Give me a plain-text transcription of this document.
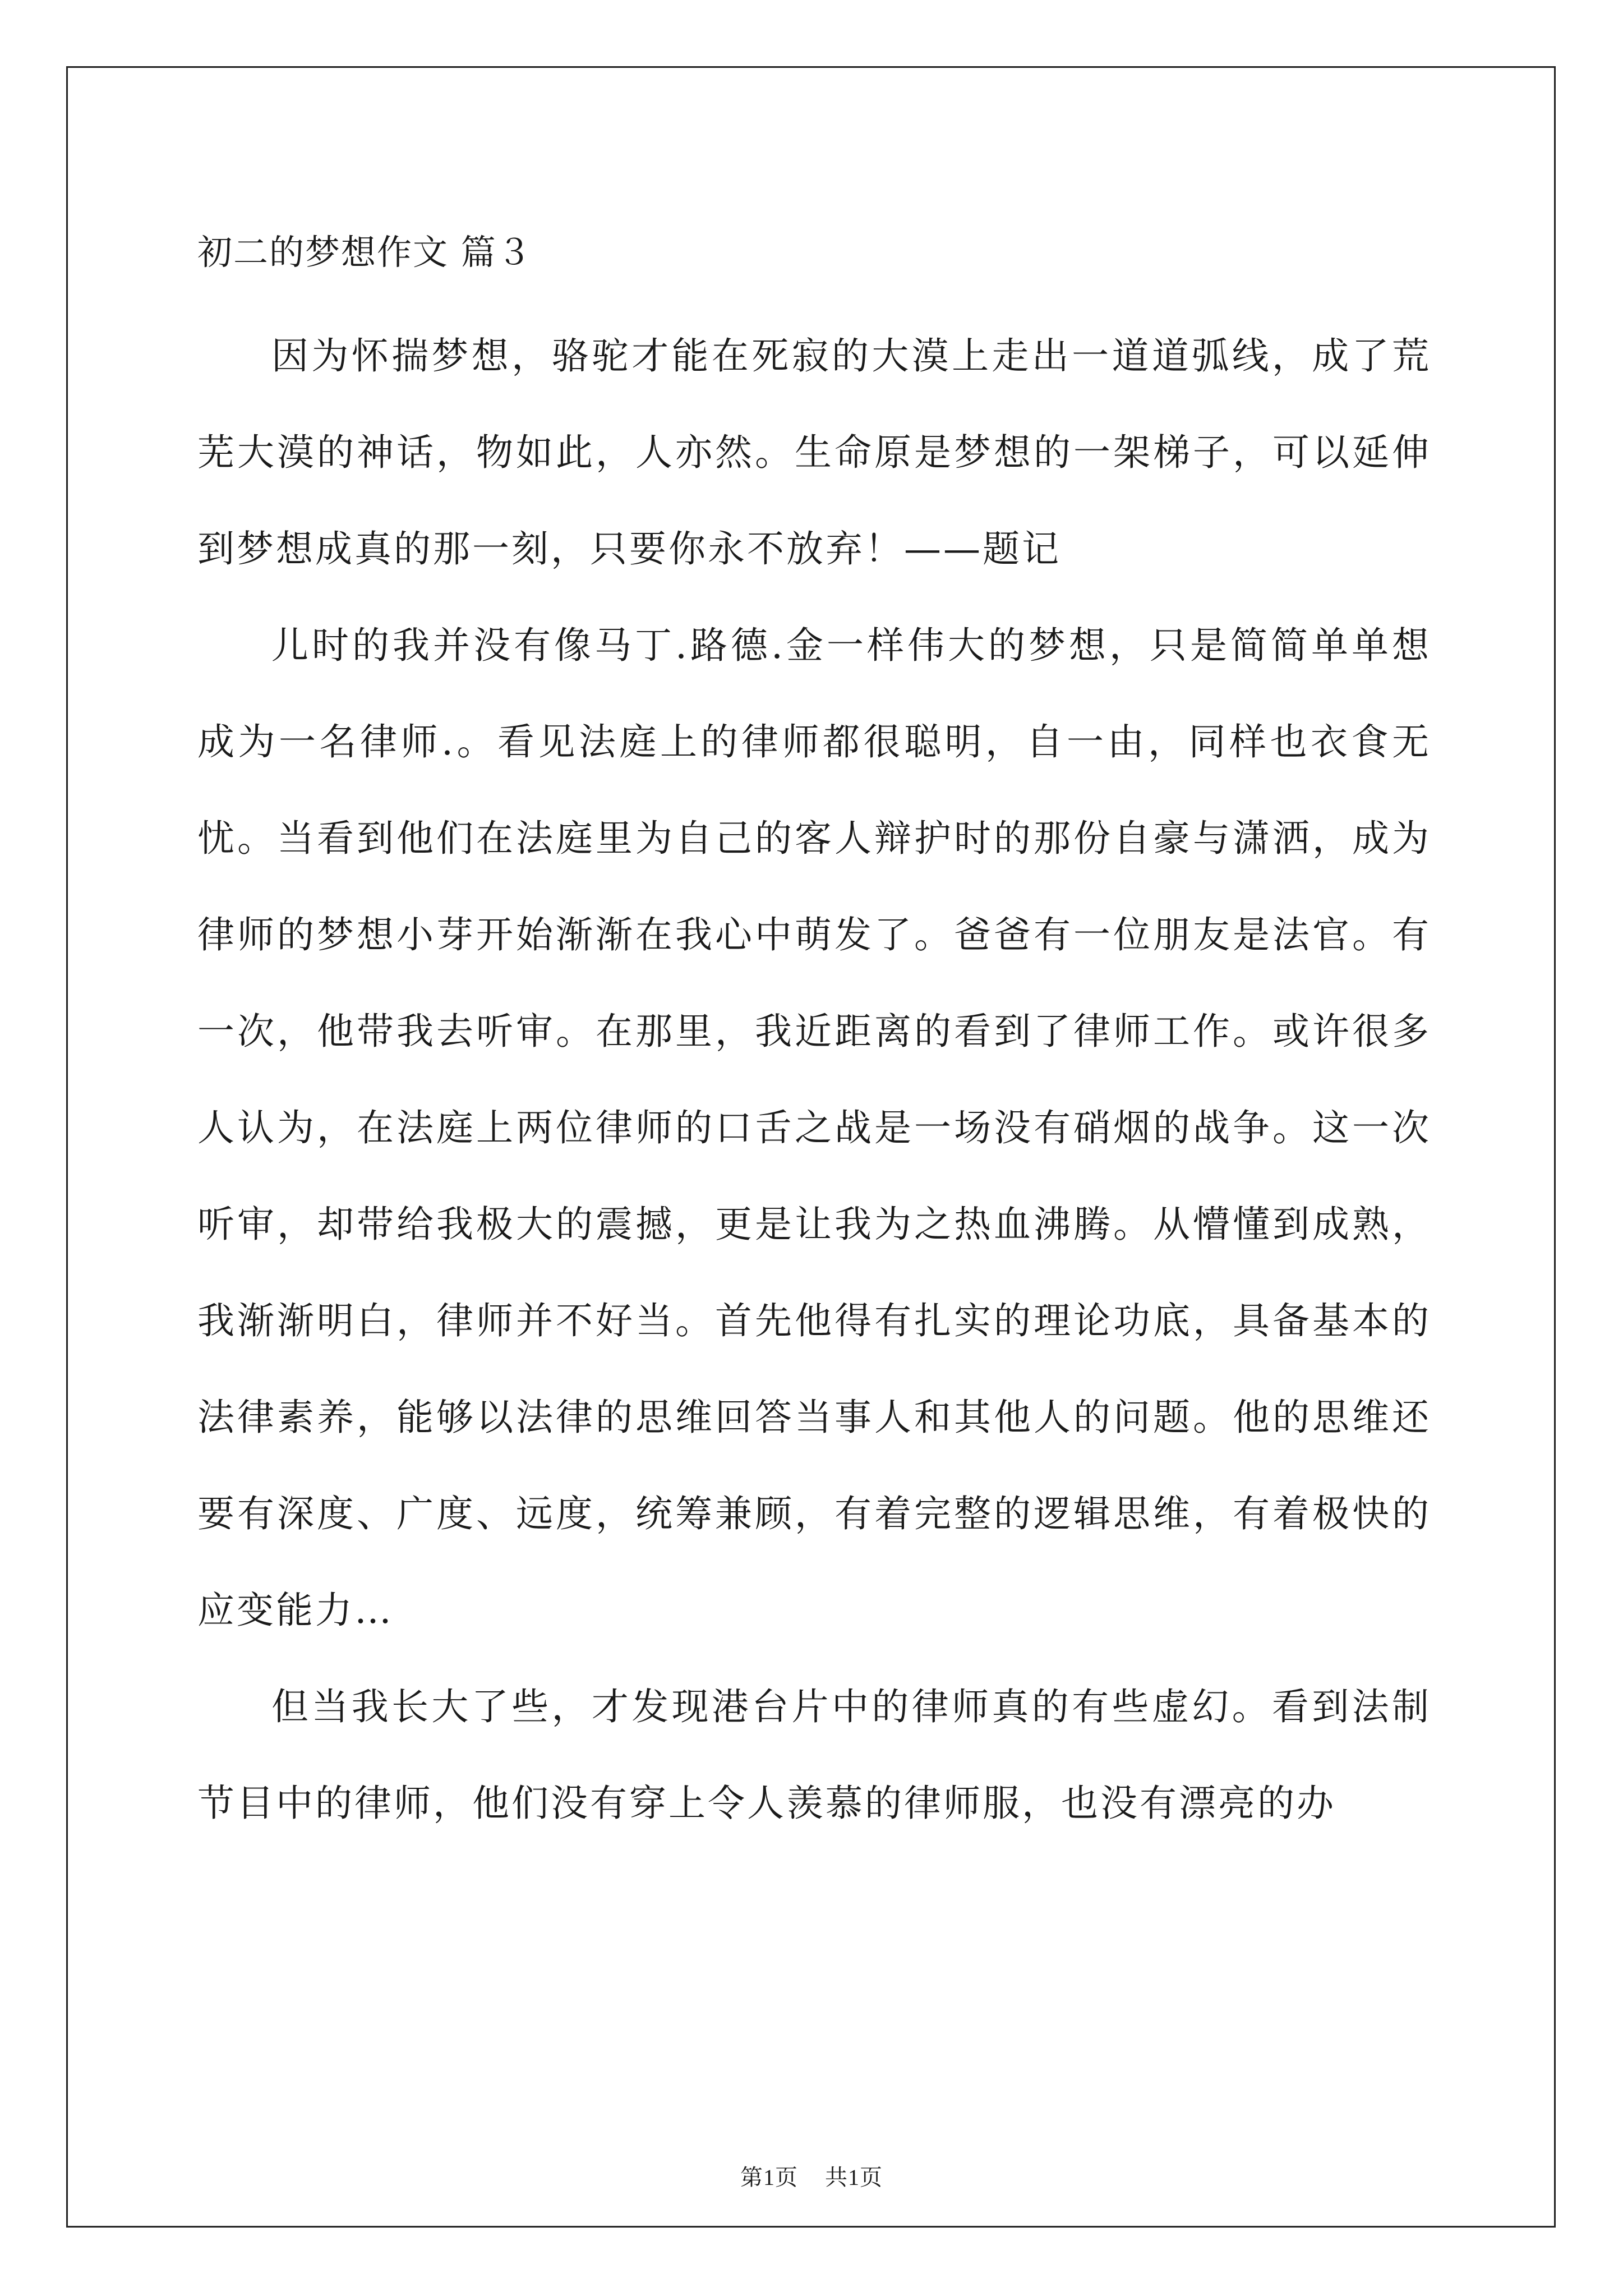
初二的梦想作文 篇３

因为怀揣梦想，骆驼才能在死寂的大漠上走出一道道弧线，成了荒芜大漠的神话，物如此，人亦然。生命原是梦想的一架梯子，可以延伸到梦想成真的那一刻，只要你永不放弃！——题记

儿时的我并没有像马丁.路德.金一样伟大的梦想，只是简简单单想成为一名律师.。看见法庭上的律师都很聪明，自一由，同样也衣食无忧。当看到他们在法庭里为自己的客人辩护时的那份自豪与潇洒，成为律师的梦想小芽开始渐渐在我心中萌发了。爸爸有一位朋友是法官。有一次，他带我去听审。在那里，我近距离的看到了律师工作。或许很多人认为，在法庭上两位律师的口舌之战是一场没有硝烟的战争。这一次听审，却带给我极大的震撼，更是让我为之热血沸腾。从懵懂到成熟，我渐渐明白，律师并不好当。首先他得有扎实的理论功底，具备基本的法律素养，能够以法律的思维回答当事人和其他人的问题。他的思维还 要有深度、广度、远度，统筹兼顾，有着完整的逻辑思维，有着极快的应变能力…

但当我长大了些，才发现港台片中的律师真的有些虚幻。看到法制节目中的律师，他们没有穿上令人羡慕的律师服，也没有漂亮的办

第1页 共1页
